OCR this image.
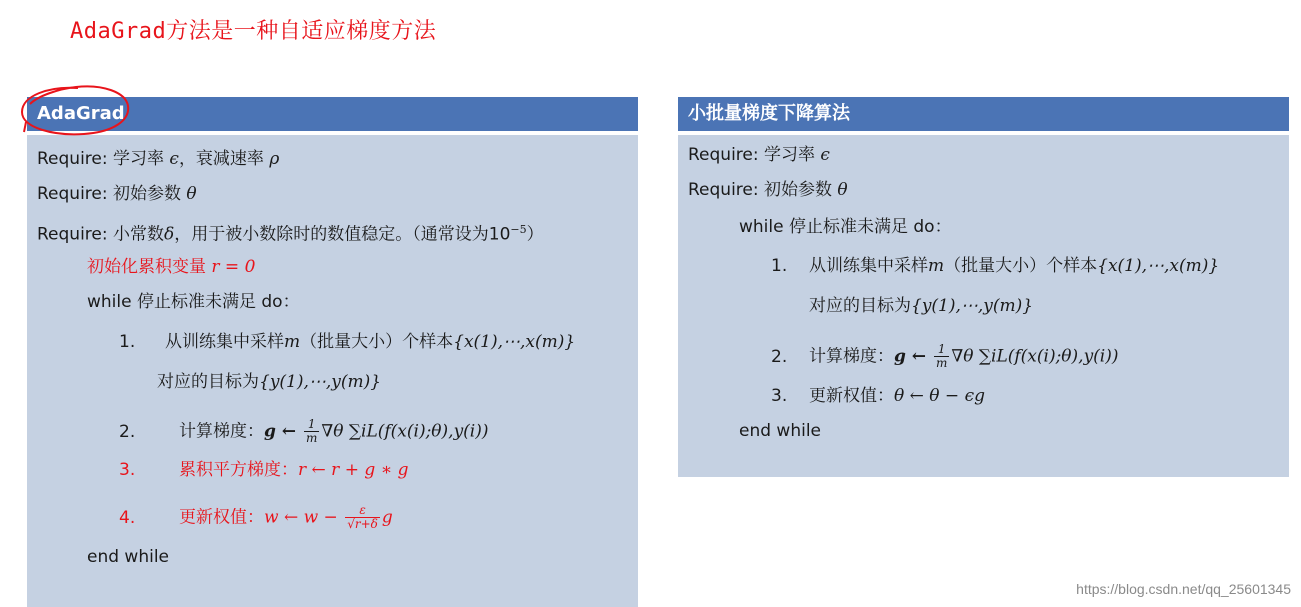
AdaGrad方法是一种自适应梯度方法
AdaGrad
Require: 学习率 ϵ，衰减速率 ρ
Require: 初始参数 θ
Require: 小常数δ，用于被小数除时的数值稳定。（通常设为$10^{-5}$）
初始化累积变量 r = 0
while 停止标准未满足 do：
1. 从训练集中采样m（批量大小）个样本{x(1),⋯,x(m)}
对应的目标为{y(1),⋯,y(m)}
2.	计算梯度：g ← $\frac{1}{m} \nabla\theta$ ∑iL(f(x(i);θ),y(i))
3.	累积平方梯度：r ← r + g ∗ g
4.	更新权值：w ← $w - \frac{\varepsilon}{√r+\delta}$ g
end while
小批量梯度下降算法
Require: 学习率 ϵ
Require: 初始参数 θ
while 停止标准未满足 do：
1. 从训练集中采样m（批量大小）个样本{x(1),⋯,x(m)}
对应的目标为{y(1),⋯,y(m)}
2. 计算梯度：g ← $\frac{1}{m} \nabla\theta$ ∑iL(f(x(i);θ),y(i))
3. 更新权值：θ ← θ − ϵg
end while
https://blog.csdn.net/qq_25601345
